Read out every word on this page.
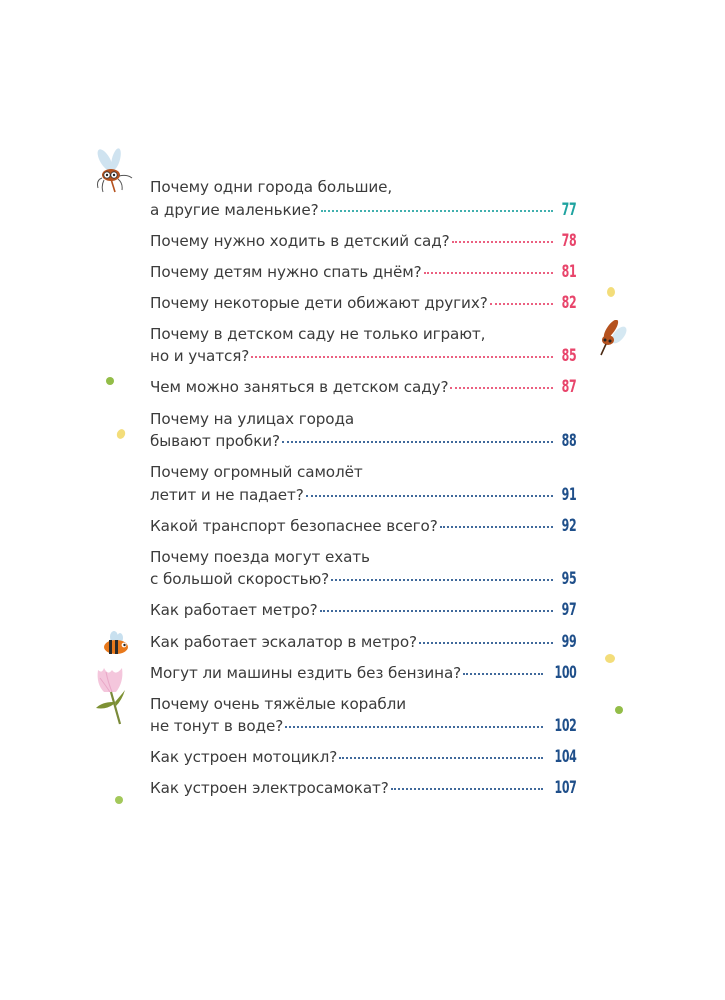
Почему одни города большие,
а другие маленькие?	77
Почему нужно ходить в детский сад?	78
Почему детям нужно спать днём?	81
Почему некоторые дети обижают других?	82
Почему в детском саду не только играют,
но и учатся?	85
Чем можно заняться в детском саду?	87
Почему на улицах города
бывают пробки?	88
Почему огромный самолёт
летит и не падает?	91
Какой транспорт безопаснее всего?	92
Почему поезда могут ехать
с большой скоростью?	95
Как работает метро?	97
Как работает эскалатор в метро?	99
Могут ли машины ездить без бензина?	100
Почему очень тяжёлые корабли
не тонут в воде?	102
Как устроен мотоцикл?	104
Как устроен электросамокат?	107
